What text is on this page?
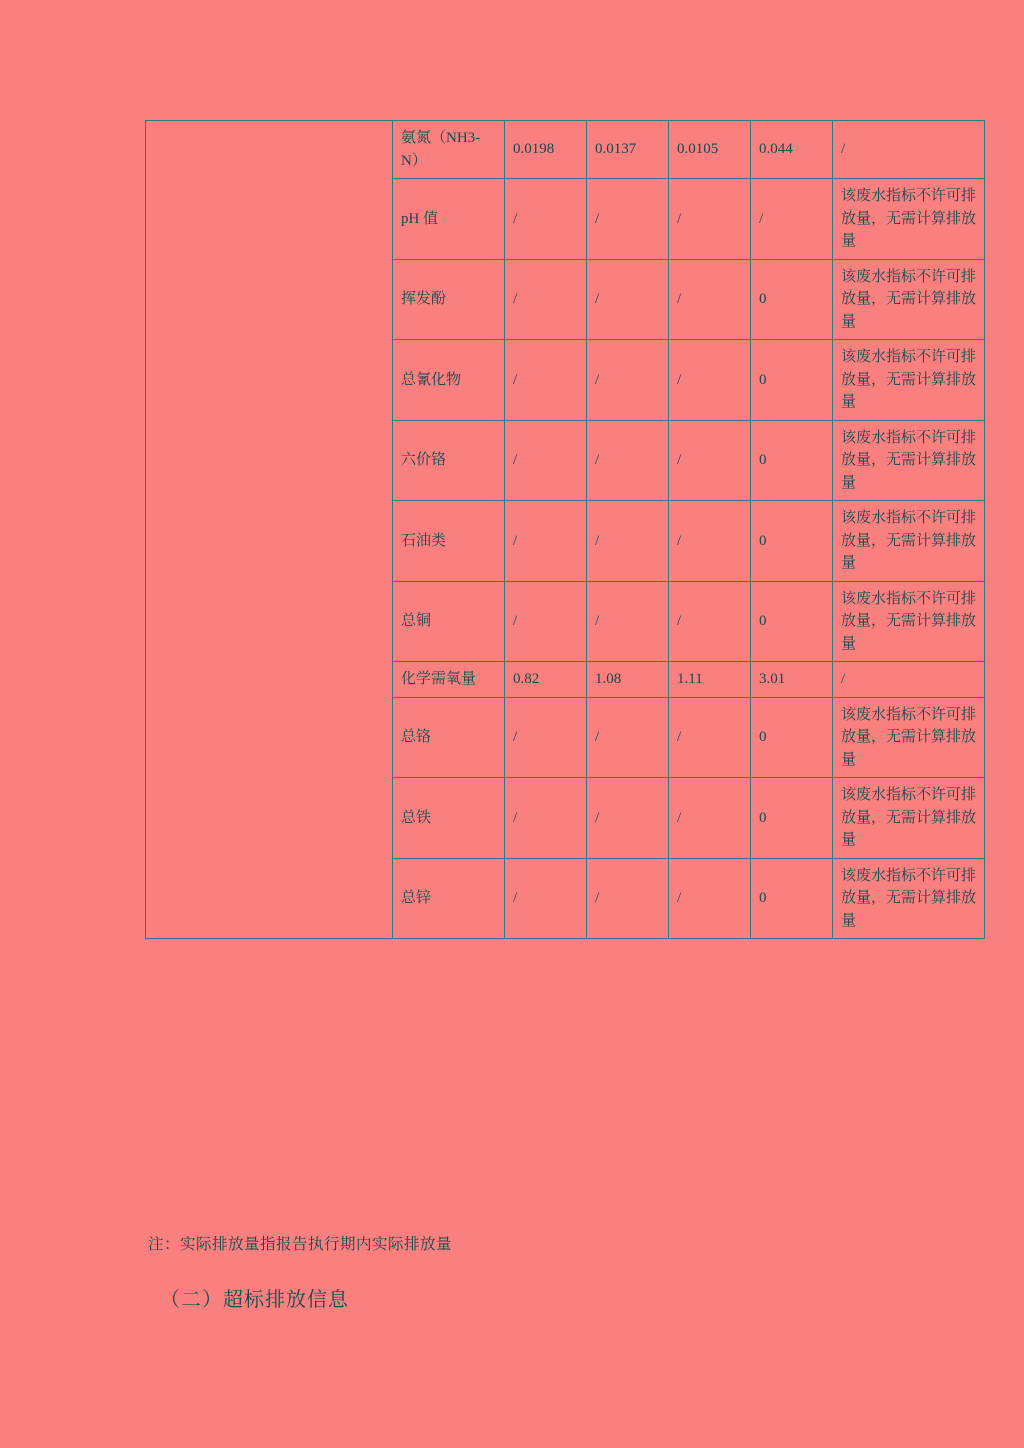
	氨氮（NH3-N）	0.0198	0.0137	0.0105	0.044	/
	pH 值	/	/	/	/	该废水指标不许可排放量，无需计算排放量
	挥发酚	/	/	/	0	该废水指标不许可排放量，无需计算排放量
	总氰化物	/	/	/	0	该废水指标不许可排放量，无需计算排放量
	六价铬	/	/	/	0	该废水指标不许可排放量，无需计算排放量
	石油类	/	/	/	0	该废水指标不许可排放量，无需计算排放量
	总铜	/	/	/	0	该废水指标不许可排放量，无需计算排放量
	化学需氧量	0.82	1.08	1.11	3.01	/
	总铬	/	/	/	0	该废水指标不许可排放量，无需计算排放量
	总铁	/	/	/	0	该废水指标不许可排放量，无需计算排放量
	总锌	/	/	/	0	该废水指标不许可排放量，无需计算排放量
注：实际排放量指报告执行期内实际排放量
（二）超标排放信息
